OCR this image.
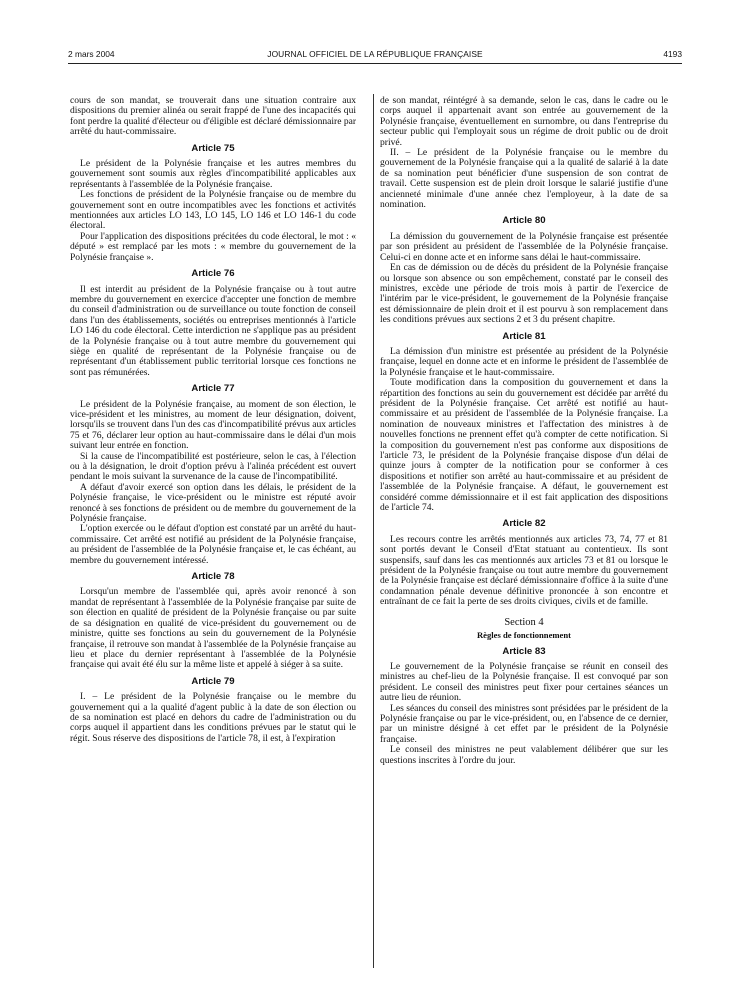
2 mars 2004	JOURNAL OFFICIEL DE LA RÉPUBLIQUE FRANÇAISE	4193

cours de son mandat, se trouverait dans une situation contraire aux dispositions du premier alinéa ou serait frappé de l'une des incapacités qui font perdre la qualité d'électeur ou d'éligible est déclaré démissionnaire par arrêté du haut-commissaire.

Article 75

Le président de la Polynésie française et les autres membres du gouvernement sont soumis aux règles d'incompatibilité applicables aux représentants à l'assemblée de la Polynésie française.

Les fonctions de président de la Polynésie française ou de membre du gouvernement sont en outre incompatibles avec les fonctions et activités mentionnées aux articles LO 143, LO 145, LO 146 et LO 146-1 du code électoral.

Pour l'application des dispositions précitées du code électoral, le mot : « député » est remplacé par les mots : « membre du gouvernement de la Polynésie française ».

Article 76

Il est interdit au président de la Polynésie française ou à tout autre membre du gouvernement en exercice d'accepter une fonction de membre du conseil d'administration ou de surveillance ou toute fonction de conseil dans l'un des établissements, sociétés ou entreprises mentionnés à l'article LO 146 du code électoral. Cette interdiction ne s'applique pas au président de la Polynésie française ou à tout autre membre du gouvernement qui siège en qualité de représentant de la Polynésie française ou de représentant d'un établissement public territorial lorsque ces fonctions ne sont pas rémunérées.

Article 77

Le président de la Polynésie française, au moment de son élection, le vice-président et les ministres, au moment de leur désignation, doivent, lorsqu'ils se trouvent dans l'un des cas d'incompatibilité prévus aux articles 75 et 76, déclarer leur option au haut-commissaire dans le délai d'un mois suivant leur entrée en fonction.

Si la cause de l'incompatibilité est postérieure, selon le cas, à l'élection ou à la désignation, le droit d'option prévu à l'alinéa précédent est ouvert pendant le mois suivant la survenance de la cause de l'incompatibilité.

A défaut d'avoir exercé son option dans les délais, le président de la Polynésie française, le vice-président ou le ministre est réputé avoir renoncé à ses fonctions de président ou de membre du gouvernement de la Polynésie française.

L'option exercée ou le défaut d'option est constaté par un arrêté du haut-commissaire. Cet arrêté est notifié au président de la Polynésie française, au président de l'assemblée de la Polynésie française et, le cas échéant, au membre du gouvernement intéressé.

Article 78

Lorsqu'un membre de l'assemblée qui, après avoir renoncé à son mandat de représentant à l'assemblée de la Polynésie française par suite de son élection en qualité de président de la Polynésie française ou par suite de sa désignation en qualité de vice-président du gouvernement ou de ministre, quitte ses fonctions au sein du gouvernement de la Polynésie française, il retrouve son mandat à l'assemblée de la Polynésie française au lieu et place du dernier représentant à l'assemblée de la Polynésie française qui avait été élu sur la même liste et appelé à siéger à sa suite.

Article 79

I. – Le président de la Polynésie française ou le membre du gouvernement qui a la qualité d'agent public à la date de son élection ou de sa nomination est placé en dehors du cadre de l'administration ou du corps auquel il appartient dans les conditions prévues par le statut qui le régit. Sous réserve des dispositions de l'article 78, il est, à l'expiration

de son mandat, réintégré à sa demande, selon le cas, dans le cadre ou le corps auquel il appartenait avant son entrée au gouvernement de la Polynésie française, éventuellement en surnombre, ou dans l'entreprise du secteur public qui l'employait sous un régime de droit public ou de droit privé.

II. – Le président de la Polynésie française ou le membre du gouvernement de la Polynésie française qui a la qualité de salarié à la date de sa nomination peut bénéficier d'une suspension de son contrat de travail. Cette suspension est de plein droit lorsque le salarié justifie d'une ancienneté minimale d'une année chez l'employeur, à la date de sa nomination.

Article 80

La démission du gouvernement de la Polynésie française est présentée par son président au président de l'assemblée de la Polynésie française. Celui-ci en donne acte et en informe sans délai le haut-commissaire.

En cas de démission ou de décès du président de la Polynésie française ou lorsque son absence ou son empêchement, constaté par le conseil des ministres, excède une période de trois mois à partir de l'exercice de l'intérim par le vice-président, le gouvernement de la Polynésie française est démissionnaire de plein droit et il est pourvu à son remplacement dans les conditions prévues aux sections 2 et 3 du présent chapitre.

Article 81

La démission d'un ministre est présentée au président de la Polynésie française, lequel en donne acte et en informe le président de l'assemblée de la Polynésie française et le haut-commissaire.

Toute modification dans la composition du gouvernement et dans la répartition des fonctions au sein du gouvernement est décidée par arrêté du président de la Polynésie française. Cet arrêté est notifié au haut-commissaire et au président de l'assemblée de la Polynésie française. La nomination de nouveaux ministres et l'affectation des ministres à de nouvelles fonctions ne prennent effet qu'à compter de cette notification. Si la composition du gouvernement n'est pas conforme aux dispositions de l'article 73, le président de la Polynésie française dispose d'un délai de quinze jours à compter de la notification pour se conformer à ces dispositions et notifier son arrêté au haut-commissaire et au président de l'assemblée de la Polynésie française. A défaut, le gouvernement est considéré comme démissionnaire et il est fait application des dispositions de l'article 74.

Article 82

Les recours contre les arrêtés mentionnés aux articles 73, 74, 77 et 81 sont portés devant le Conseil d'Etat statuant au contentieux. Ils sont suspensifs, sauf dans les cas mentionnés aux articles 73 et 81 ou lorsque le président de la Polynésie française ou tout autre membre du gouvernement de la Polynésie française est déclaré démissionnaire d'office à la suite d'une condamnation pénale devenue définitive prononcée à son encontre et entraînant de ce fait la perte de ses droits civiques, civils et de famille.

Section 4
Règles de fonctionnement
Article 83

Le gouvernement de la Polynésie française se réunit en conseil des ministres au chef-lieu de la Polynésie française. Il est convoqué par son président. Le conseil des ministres peut fixer pour certaines séances un autre lieu de réunion.

Les séances du conseil des ministres sont présidées par le président de la Polynésie française ou par le vice-président, ou, en l'absence de ce dernier, par un ministre désigné à cet effet par le président de la Polynésie française.

Le conseil des ministres ne peut valablement délibérer que sur les questions inscrites à l'ordre du jour.
